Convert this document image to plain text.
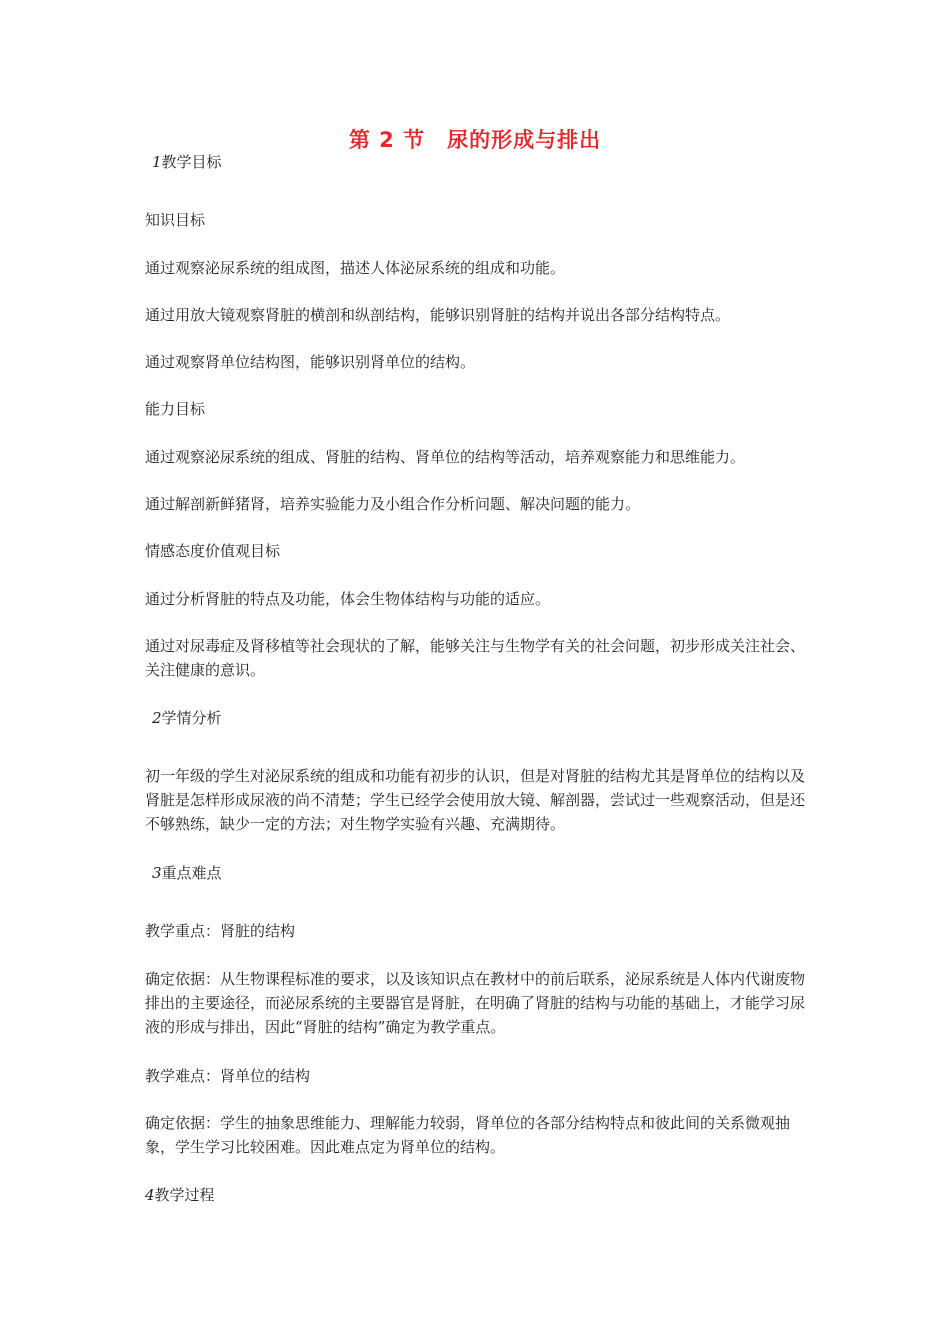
第 2 节 尿的形成与排出
1教学目标
知识目标
通过观察泌尿系统的组成图，描述人体泌尿系统的组成和功能。
通过用放大镜观察肾脏的横剖和纵剖结构，能够识别肾脏的结构并说出各部分结构特点。
通过观察肾单位结构图，能够识别肾单位的结构。
能力目标
通过观察泌尿系统的组成、肾脏的结构、肾单位的结构等活动，培养观察能力和思维能力。
通过解剖新鲜猪肾，培养实验能力及小组合作分析问题、解决问题的能力。
情感态度价值观目标
通过分析肾脏的特点及功能，体会生物体结构与功能的适应。
通过对尿毒症及肾移植等社会现状的了解，能够关注与生物学有关的社会问题，初步形成关注社会、关注健康的意识。
2学情分析
初一年级的学生对泌尿系统的组成和功能有初步的认识，但是对肾脏的结构尤其是肾单位的结构以及肾脏是怎样形成尿液的尚不清楚；学生已经学会使用放大镜、解剖器，尝试过一些观察活动，但是还不够熟练，缺少一定的方法；对生物学实验有兴趣、充满期待。
3重点难点
教学重点：肾脏的结构
确定依据：从生物课程标准的要求，以及该知识点在教材中的前后联系，泌尿系统是人体内代谢废物排出的主要途径，而泌尿系统的主要器官是肾脏，在明确了肾脏的结构与功能的基础上，才能学习尿液的形成与排出，因此“肾脏的结构”确定为教学重点。
教学难点：肾单位的结构
确定依据：学生的抽象思维能力、理解能力较弱，肾单位的各部分结构特点和彼此间的关系微观抽象，学生学习比较困难。因此难点定为肾单位的结构。
4教学过程
